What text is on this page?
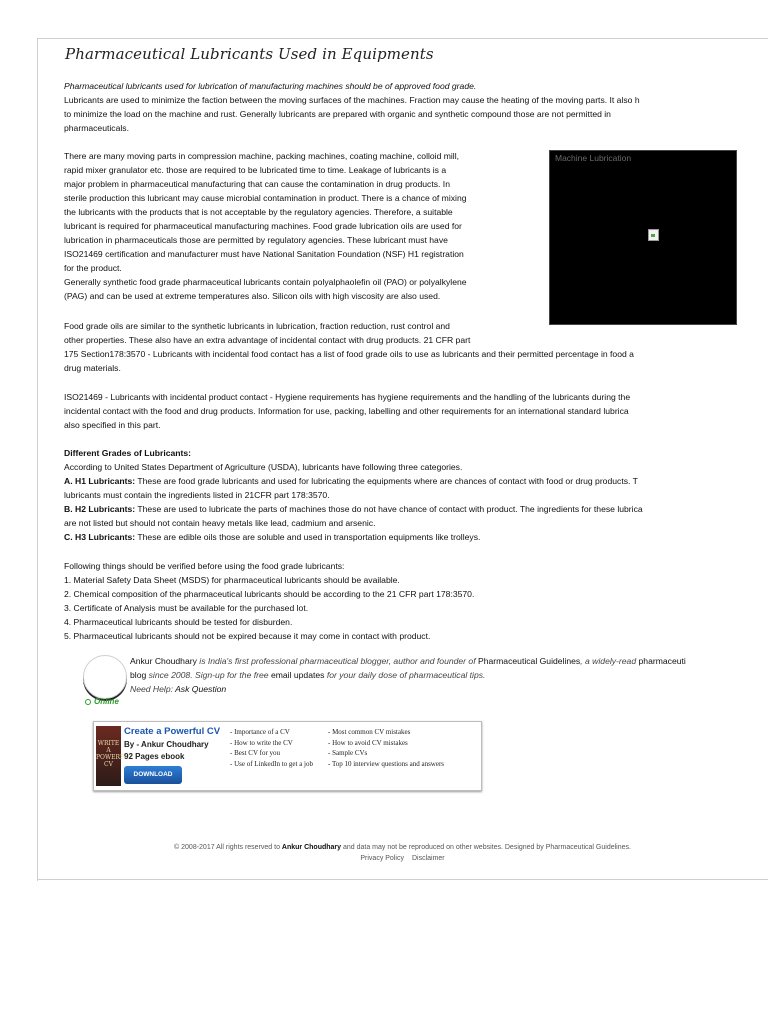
Pharmaceutical Lubricants Used in Equipments
Pharmaceutical lubricants used for lubrication of manufacturing machines should be of approved food grade.
Lubricants are used to minimize the faction between the moving surfaces of the machines. Fraction may cause the heating of the moving parts. It also h
to minimize the load on the machine and rust. Generally lubricants are prepared with organic and synthetic compound those are not permitted in
pharmaceuticals.
There are many moving parts in compression machine, packing machines, coating machine, colloid mill,
rapid mixer granulator etc. those are required to be lubricated time to time. Leakage of lubricants is a
major problem in pharmaceutical manufacturing that can cause the contamination in drug products. In
sterile production this lubricant may cause microbial contamination in product. There is a chance of mixing
the lubricants with the products that is not acceptable by the regulatory agencies. Therefore, a suitable
lubricant is required for pharmaceutical manufacturing machines. Food grade lubrication oils are used for
lubrication in pharmaceuticals those are permitted by regulatory agencies. These lubricant must have
ISO21469 certification and manufacturer must have National Sanitation Foundation (NSF) H1 registration
for the product.
Generally synthetic food grade pharmaceutical lubricants contain polyalphaolefin oil (PAO) or polyalkylene
(PAG) and can be used at extreme temperatures also. Silicon oils with high viscosity are also used.
Machine Lubrication
Food grade oils are similar to the synthetic lubricants in lubrication, fraction reduction, rust control and
other properties. These also have an extra advantage of incidental contact with drug products. 21 CFR part
175 Section178:3570 - Lubricants with incidental food contact has a list of food grade oils to use as lubricants and their permitted percentage in food a
drug materials.
ISO21469 - Lubricants with incidental product contact - Hygiene requirements has hygiene requirements and the handling of the lubricants during the
incidental contact with the food and drug products. Information for use, packing, labelling and other requirements for an international standard lubrica
also specified in this part.
Different Grades of Lubricants:
According to United States Department of Agriculture (USDA), lubricants have following three categories.
A. H1 Lubricants: These are food grade lubricants and used for lubricating the equipments where are chances of contact with food or drug products. T
lubricants must contain the ingredients listed in 21CFR part 178:3570.
B. H2 Lubricants: These are used to lubricate the parts of machines those do not have chance of contact with product. The ingredients for these lubrica
are not listed but should not contain heavy metals like lead, cadmium and arsenic.
C. H3 Lubricants: These are edible oils those are soluble and used in transportation equipments like trolleys.
Following things should be verified before using the food grade lubricants:
1. Material Safety Data Sheet (MSDS) for pharmaceutical lubricants should be available.
2. Chemical composition of the pharmaceutical lubricants should be according to the 21 CFR part 178:3570.
3. Certificate of Analysis must be available for the purchased lot.
4. Pharmaceutical lubricants should be tested for disburden.
5. Pharmaceutical lubricants should not be expired because it may come in contact with product.
Online
Ankur Choudhary is India's first professional pharmaceutical blogger, author and founder of Pharmaceutical Guidelines, a widely-read pharmaceuti
blog since 2008. Sign-up for the free email updates for your daily dose of pharmaceutical tips.
Need Help: Ask Question
WRITE A POWERFUL CV
Create a Powerful CV
By - Ankur Choudhary
92 Pages ebook
DOWNLOAD
- Importance of a CV
- How to write the CV
- Best CV for you
- Use of LinkedIn to get a job
- Most common CV mistakes
- How to avoid CV mistakes
- Sample CVs
- Top 10 interview questions and answers
© 2008-2017 All rights reserved to Ankur Choudhary and data may not be reproduced on other websites. Designed by Pharmaceutical Guidelines.
Privacy Policy Disclaimer
